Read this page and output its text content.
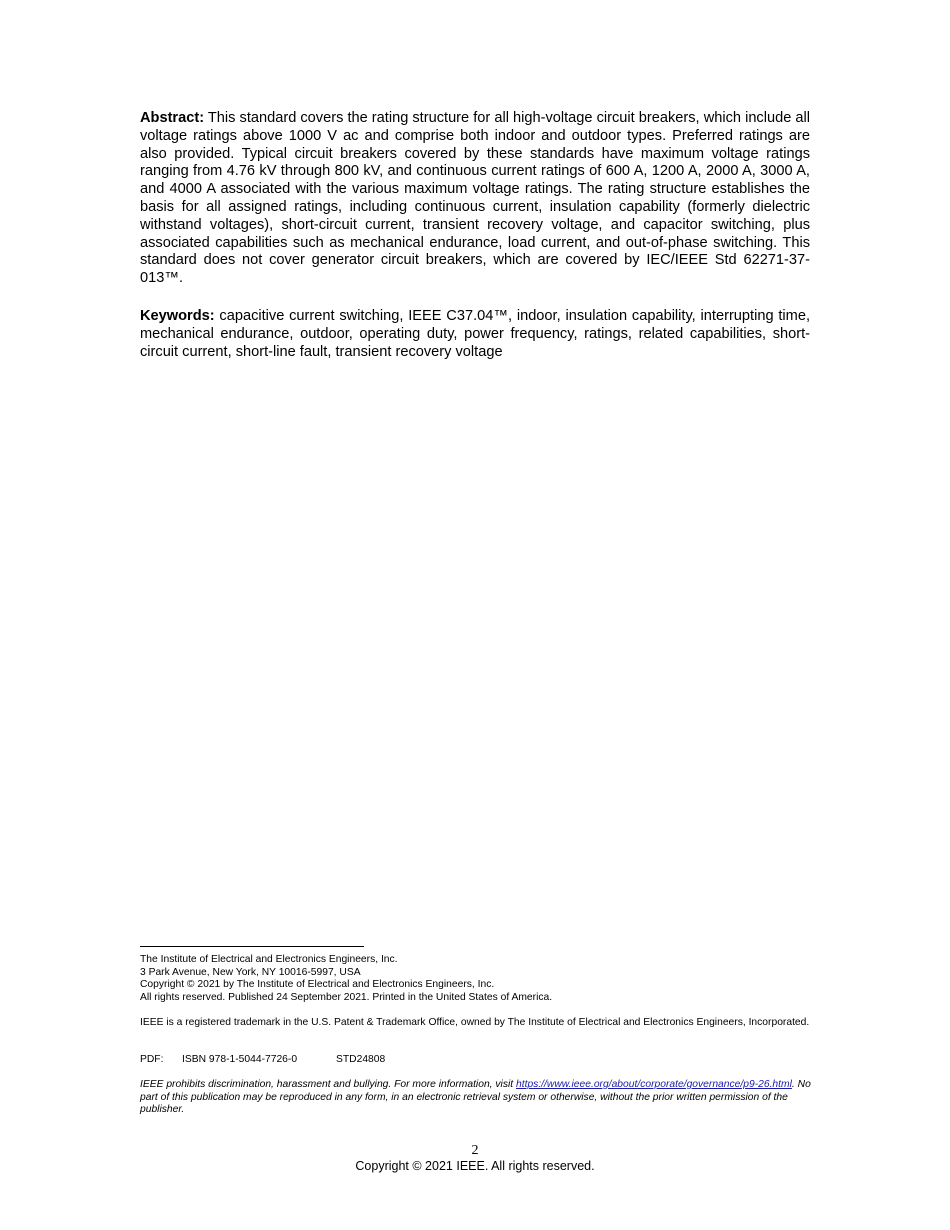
Abstract: This standard covers the rating structure for all high-voltage circuit breakers, which include all voltage ratings above 1000 V ac and comprise both indoor and outdoor types. Preferred ratings are also provided. Typical circuit breakers covered by these standards have maximum voltage ratings ranging from 4.76 kV through 800 kV, and continuous current ratings of 600 A, 1200 A, 2000 A, 3000 A, and 4000 A associated with the various maximum voltage ratings. The rating structure establishes the basis for all assigned ratings, including continuous current, insulation capability (formerly dielectric withstand voltages), short-circuit current, transient recovery voltage, and capacitor switching, plus associated capabilities such as mechanical endurance, load current, and out-of-phase switching. This standard does not cover generator circuit breakers, which are covered by IEC/IEEE Std 62271-37-013™.

Keywords: capacitive current switching, IEEE C37.04™, indoor, insulation capability, interrupting time, mechanical endurance, outdoor, operating duty, power frequency, ratings, related capabilities, short-circuit current, short-line fault, transient recovery voltage

The Institute of Electrical and Electronics Engineers, Inc.
3 Park Avenue, New York, NY 10016-5997, USA
Copyright © 2021 by The Institute of Electrical and Electronics Engineers, Inc.
All rights reserved. Published 24 September 2021. Printed in the United States of America.

IEEE is a registered trademark in the U.S. Patent & Trademark Office, owned by The Institute of Electrical and Electronics Engineers, Incorporated.

PDF: ISBN 978-1-5044-7726-0	STD24808

IEEE prohibits discrimination, harassment and bullying. For more information, visit https://www.ieee.org/about/corporate/governance/p9-26.html. No part of this publication may be reproduced in any form, in an electronic retrieval system or otherwise, without the prior written permission of the publisher.

2
Copyright © 2021 IEEE. All rights reserved.
